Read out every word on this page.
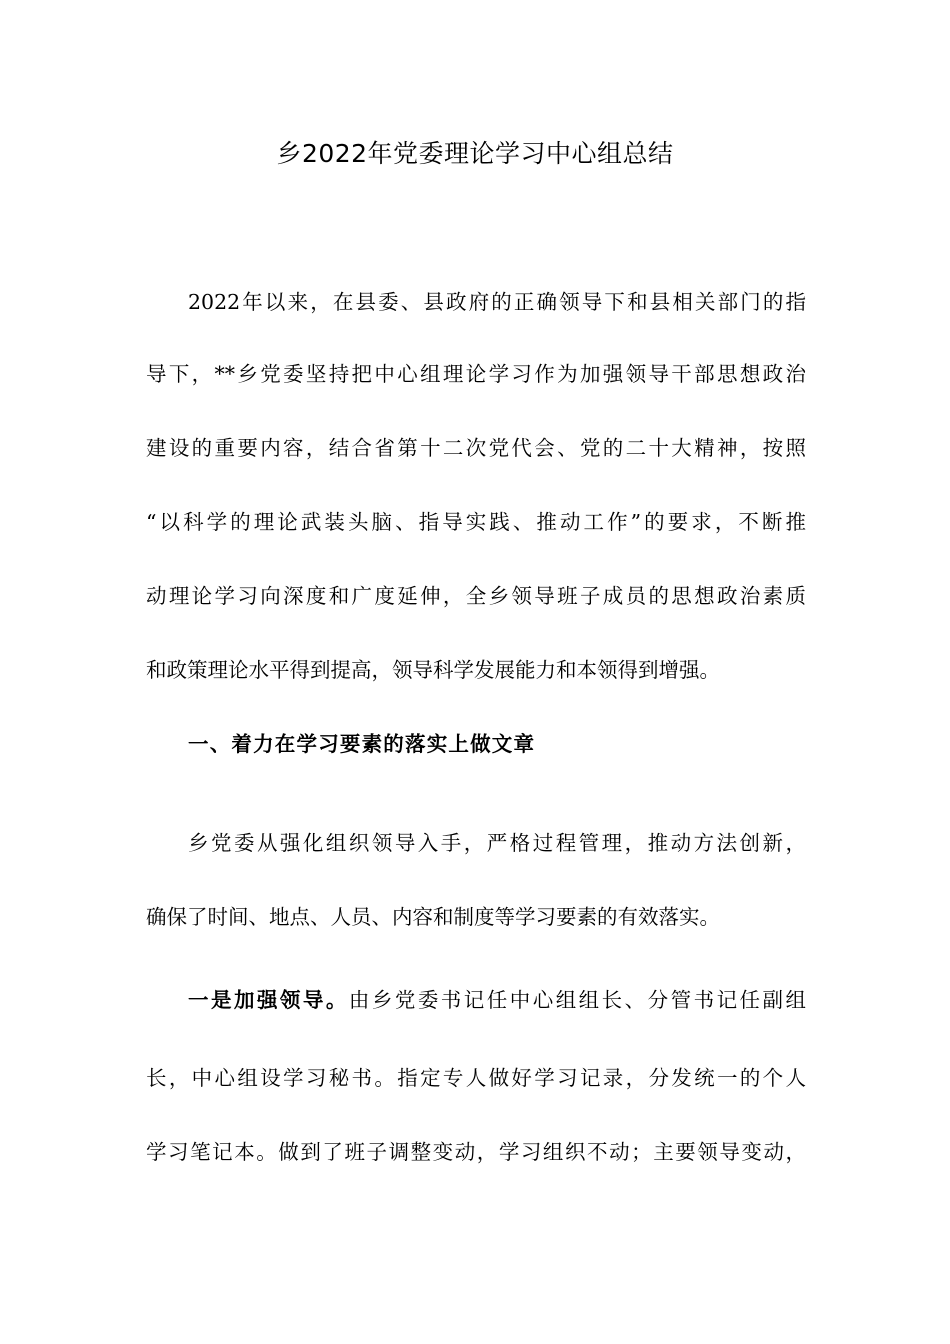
乡2022年党委理论学习中心组总结
2022年以来，在县委、县政府的正确领导下和县相关部门的指
导下，**乡党委坚持把中心组理论学习作为加强领导干部思想政治
建设的重要内容，结合省第十二次党代会、党的二十大精神，按照
“以科学的理论武装头脑、指导实践、推动工作”的要求，不断推
动理论学习向深度和广度延伸，全乡领导班子成员的思想政治素质
和政策理论水平得到提高，领导科学发展能力和本领得到增强。
一、着力在学习要素的落实上做文章
乡党委从强化组织领导入手，严格过程管理，推动方法创新，
确保了时间、地点、人员、内容和制度等学习要素的有效落实。
一是加强领导。由乡党委书记任中心组组长、分管书记任副组
长，中心组设学习秘书。指定专人做好学习记录，分发统一的个人
学习笔记本。做到了班子调整变动，学习组织不动；主要领导变动，
